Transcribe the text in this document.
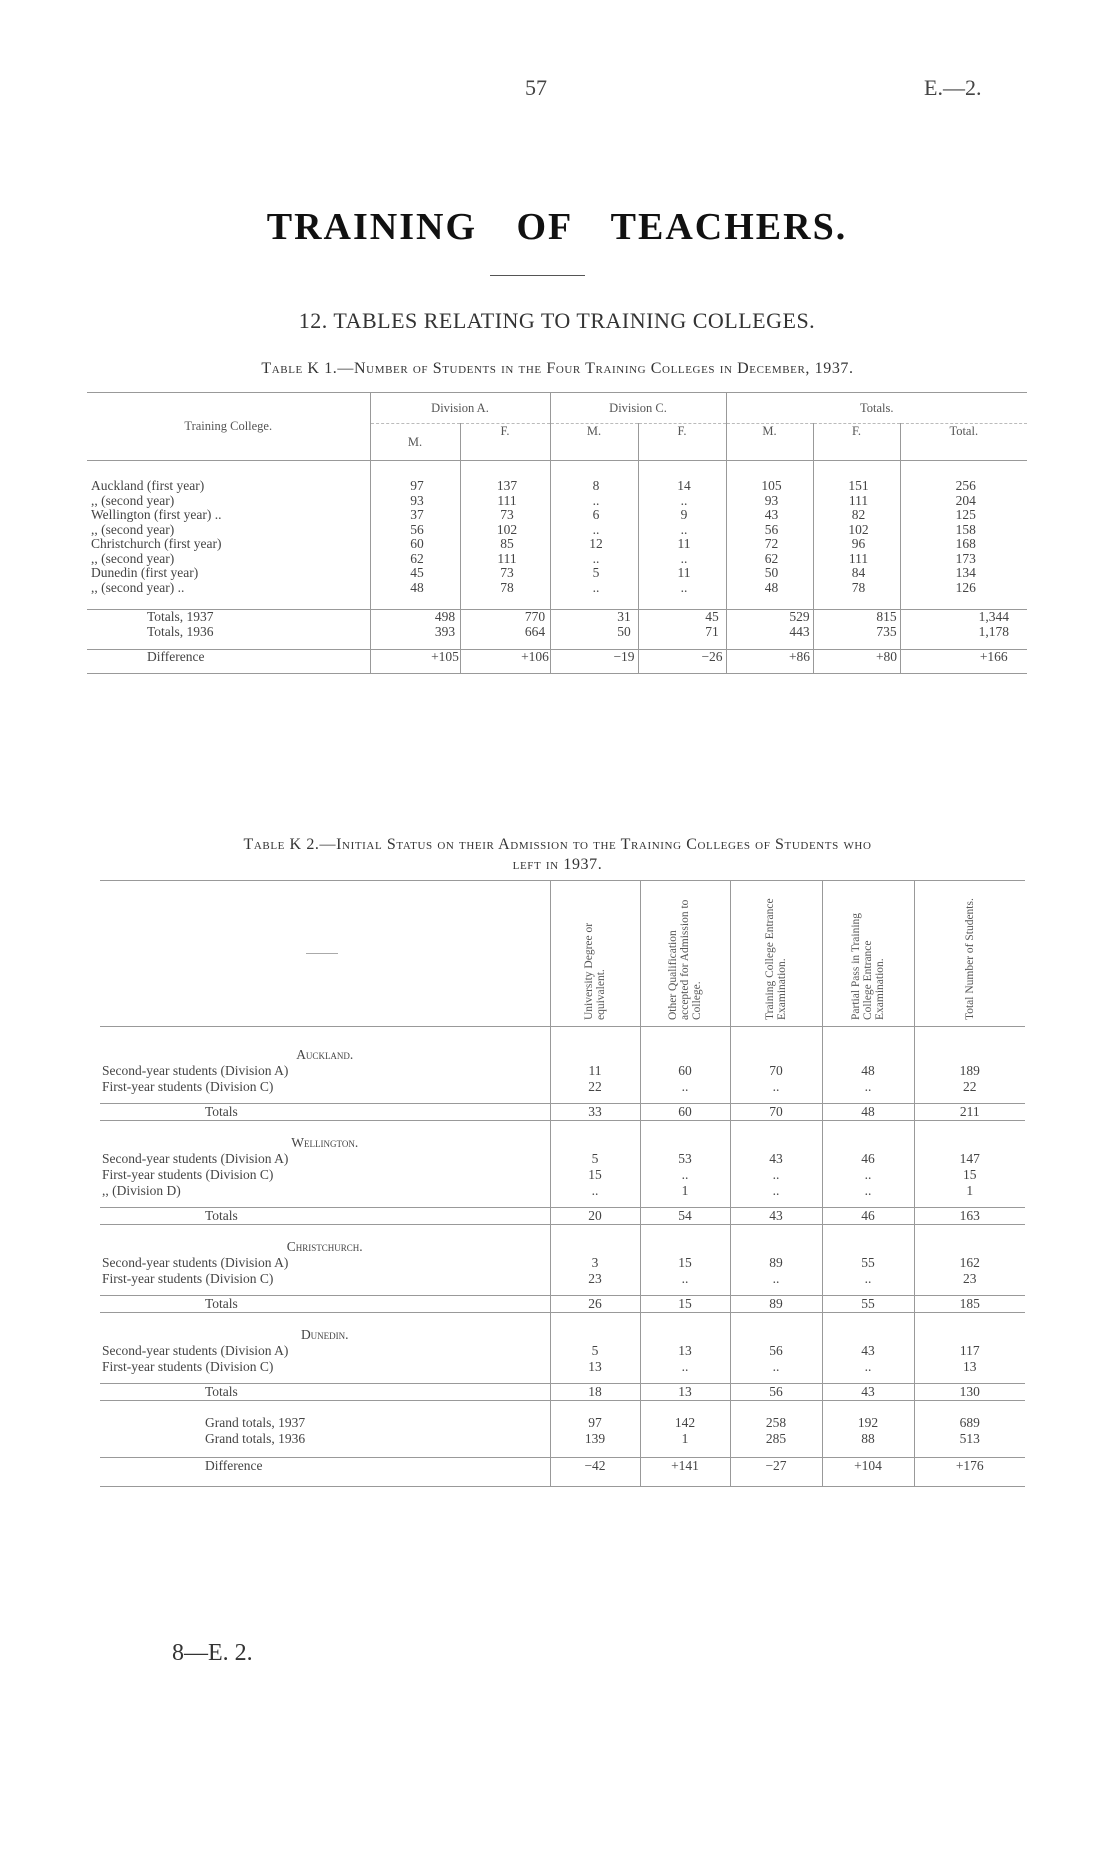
57	E.—2.
TRAINING OF TEACHERS.
12. TABLES RELATING TO TRAINING COLLEGES.
Table K 1.—Number of Students in the Four Training Colleges in December, 1937.
Training College.	Division A.		Division C.		Totals.		
	M.	F.	M.	F.	M.	F.	Total.

Auckland (first year)	97	137	8	14	105	151	256
,, (second year)	93	111	..	..	93	111	204
Wellington (first year) ..	37	73	6	9	43	82	125
,, (second year)	56	102	..	..	56	102	158
Christchurch (first year)	60	85	12	11	72	96	168
,, (second year)	62	111	..	..	62	111	173
Dunedin (first year)	45	73	5	11	50	84	134
,, (second year) ..	48	78	..	..	48	78	126

Totals, 1937	498	770	31	45	529	815	1,344
Totals, 1936	393	664	50	71	443	735	1,178

Difference	+105	+106	−19	−26	+86	+80	+166

Table K 2.—Initial Status on their Admission to the Training Colleges of Students who
left in 1937.

	University Degree or equivalent.	Other Qualification accepted for Admission to College.	Training College Entrance Examination.	Partial Pass in Training College Entrance Examination.	Total Number of Students.

Auckland.					
Second-year students (Division A)	11	60	70	48	189
First-year students (Division C)	22	..	..	..	22

Totals	33	60	70	48	211

Wellington.					
Second-year students (Division A)	5	53	43	46	147
First-year students (Division C)	15	..	..	..	15
,, (Division D)	..	1	..	..	1

Totals	20	54	43	46	163

Christchurch.					
Second-year students (Division A)	3	15	89	55	162
First-year students (Division C)	23	..	..	..	23

Totals	26	15	89	55	185

Dunedin.					
Second-year students (Division A)	5	13	56	43	117
First-year students (Division C)	13	..	..	..	13

Totals	18	13	56	43	130

Grand totals, 1937	97	142	258	192	689
Grand totals, 1936	139	1	285	88	513

Difference	−42	+141	−27	+104	+176

8—E. 2.
